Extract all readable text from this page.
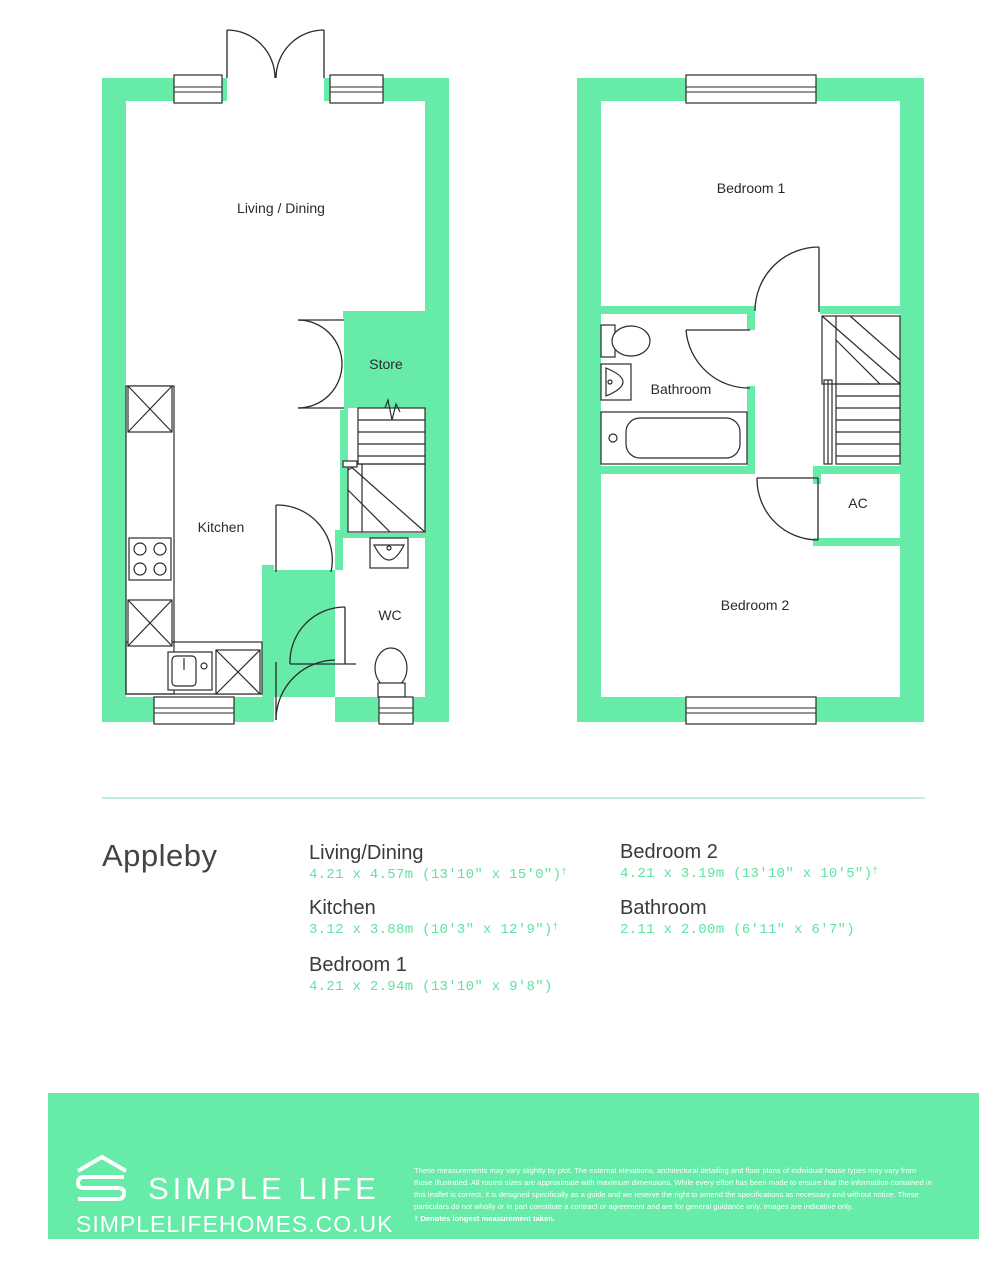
Living / Dining
Store
Kitchen
WC
Bedroom 1
Bathroom
AC
Bedroom 2
Appleby	Living/Dining
4.21 x 4.57m (13'10" x 15'0")†
Kitchen
3.12 x 3.88m (10'3" x 12'9")†
Bedroom 1
4.21 x 2.94m (13'10" x 9'8")
Bedroom 2
4.21 x 3.19m (13'10" x 10'5")†
Bathroom
2.11 x 2.00m (6'11" x 6'7")
SIMPLE LIFE
SIMPLELIFEHOMES.CO.UK
These measurements may vary slightly by plot. The external elevations, architectural detailing and floor plans of individual house types may vary from those illustrated. All rooms sizes are approximate with maximum dimensions. While every effort has been made to ensure that the information contained in this leaflet is correct, it is designed specifically as a guide and we reserve the right to amend the specifications as necessary and without notice. These particulars do not wholly or in part constitute a contract or agreement and are for general guidance only. Images are indicative only.
† Denotes longest measurement taken.
